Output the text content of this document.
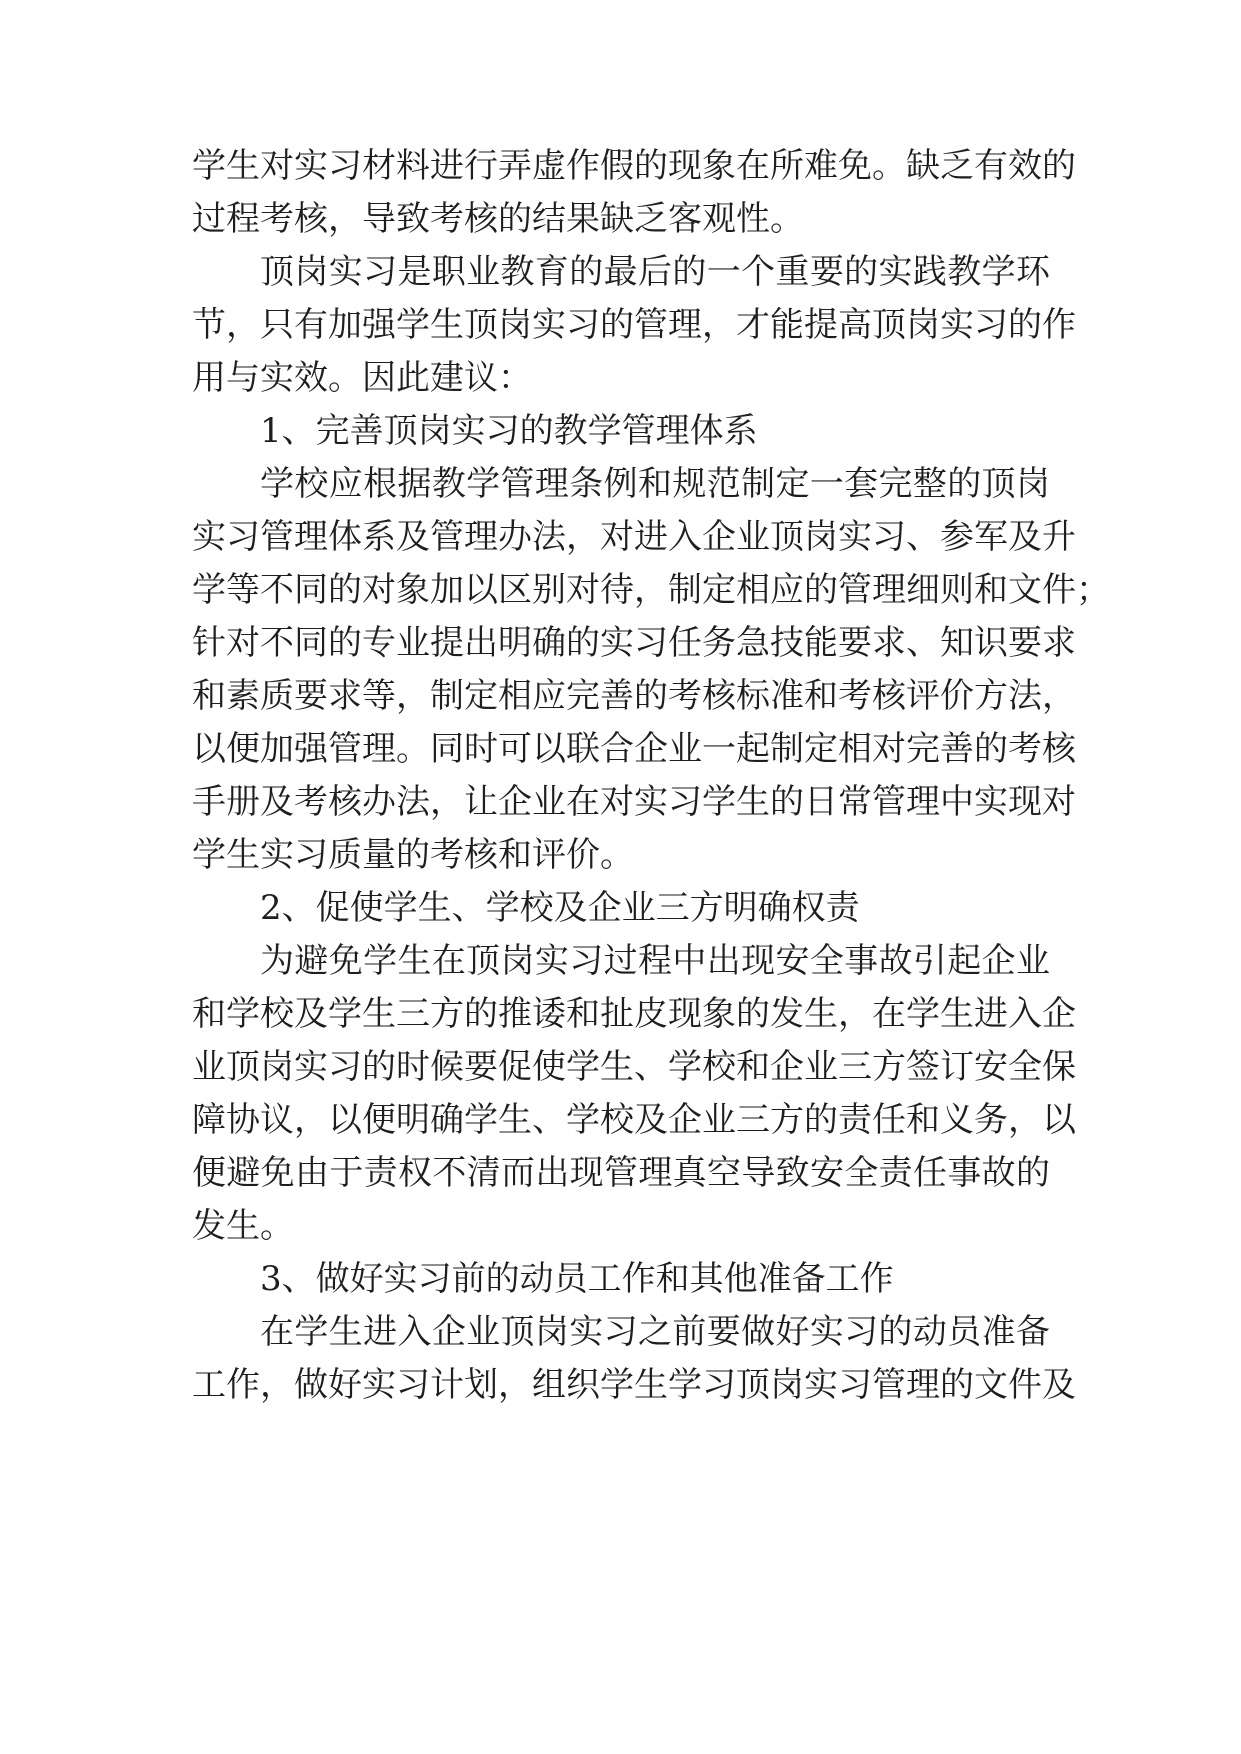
学生对实习材料进行弄虚作假的现象在所难免。缺乏有效的
过程考核，导致考核的结果缺乏客观性。
顶岗实习是职业教育的最后的一个重要的实践教学环
节，只有加强学生顶岗实习的管理，才能提高顶岗实习的作
用与实效。因此建议：
1、完善顶岗实习的教学管理体系
学校应根据教学管理条例和规范制定一套完整的顶岗
实习管理体系及管理办法，对进入企业顶岗实习、参军及升
学等不同的对象加以区别对待，制定相应的管理细则和文件；
针对不同的专业提出明确的实习任务急技能要求、知识要求
和素质要求等，制定相应完善的考核标准和考核评价方法，
以便加强管理。同时可以联合企业一起制定相对完善的考核
手册及考核办法，让企业在对实习学生的日常管理中实现对
学生实习质量的考核和评价。
2、促使学生、学校及企业三方明确权责
为避免学生在顶岗实习过程中出现安全事故引起企业
和学校及学生三方的推诿和扯皮现象的发生，在学生进入企
业顶岗实习的时候要促使学生、学校和企业三方签订安全保
障协议，以便明确学生、学校及企业三方的责任和义务，以
便避免由于责权不清而出现管理真空导致安全责任事故的
发生。
3、做好实习前的动员工作和其他准备工作
在学生进入企业顶岗实习之前要做好实习的动员准备
工作，做好实习计划，组织学生学习顶岗实习管理的文件及
